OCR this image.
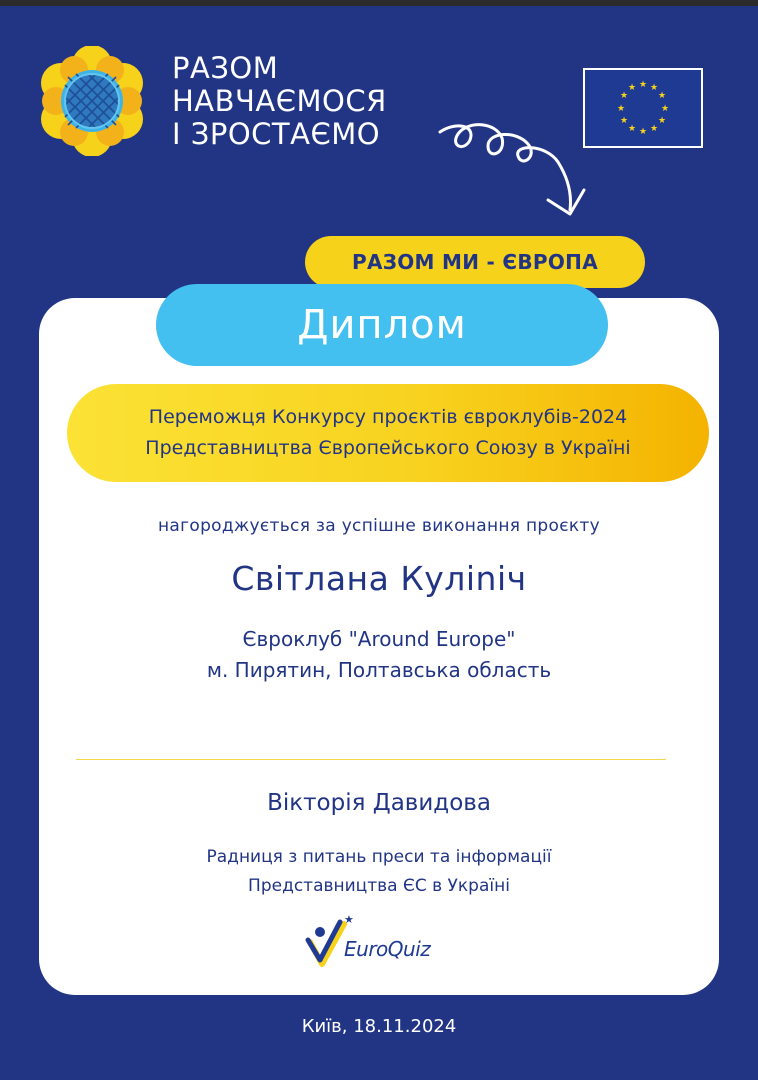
РАЗОМ
НАВЧАЄМОСЯ
І ЗРОСТАЄМО
★ ★
★
★
★
★
★
★
★
★
★
★
РАЗОМ МИ - ЄВРОПА
Диплом
Переможця Конкурсу проєктів євроклубів-2024
Представництва Європейського Союзу в Україні
нагороджується за успішне виконання проєкту
Світлана Куліnіч
Євроклуб "Around Europe"
м. Пирятин, Полтавська область
Вікторія Давидова
Радниця з питань преси та інформації
Представництва ЄС в Україні
★
EuroQuiz
Київ, 18.11.2024
